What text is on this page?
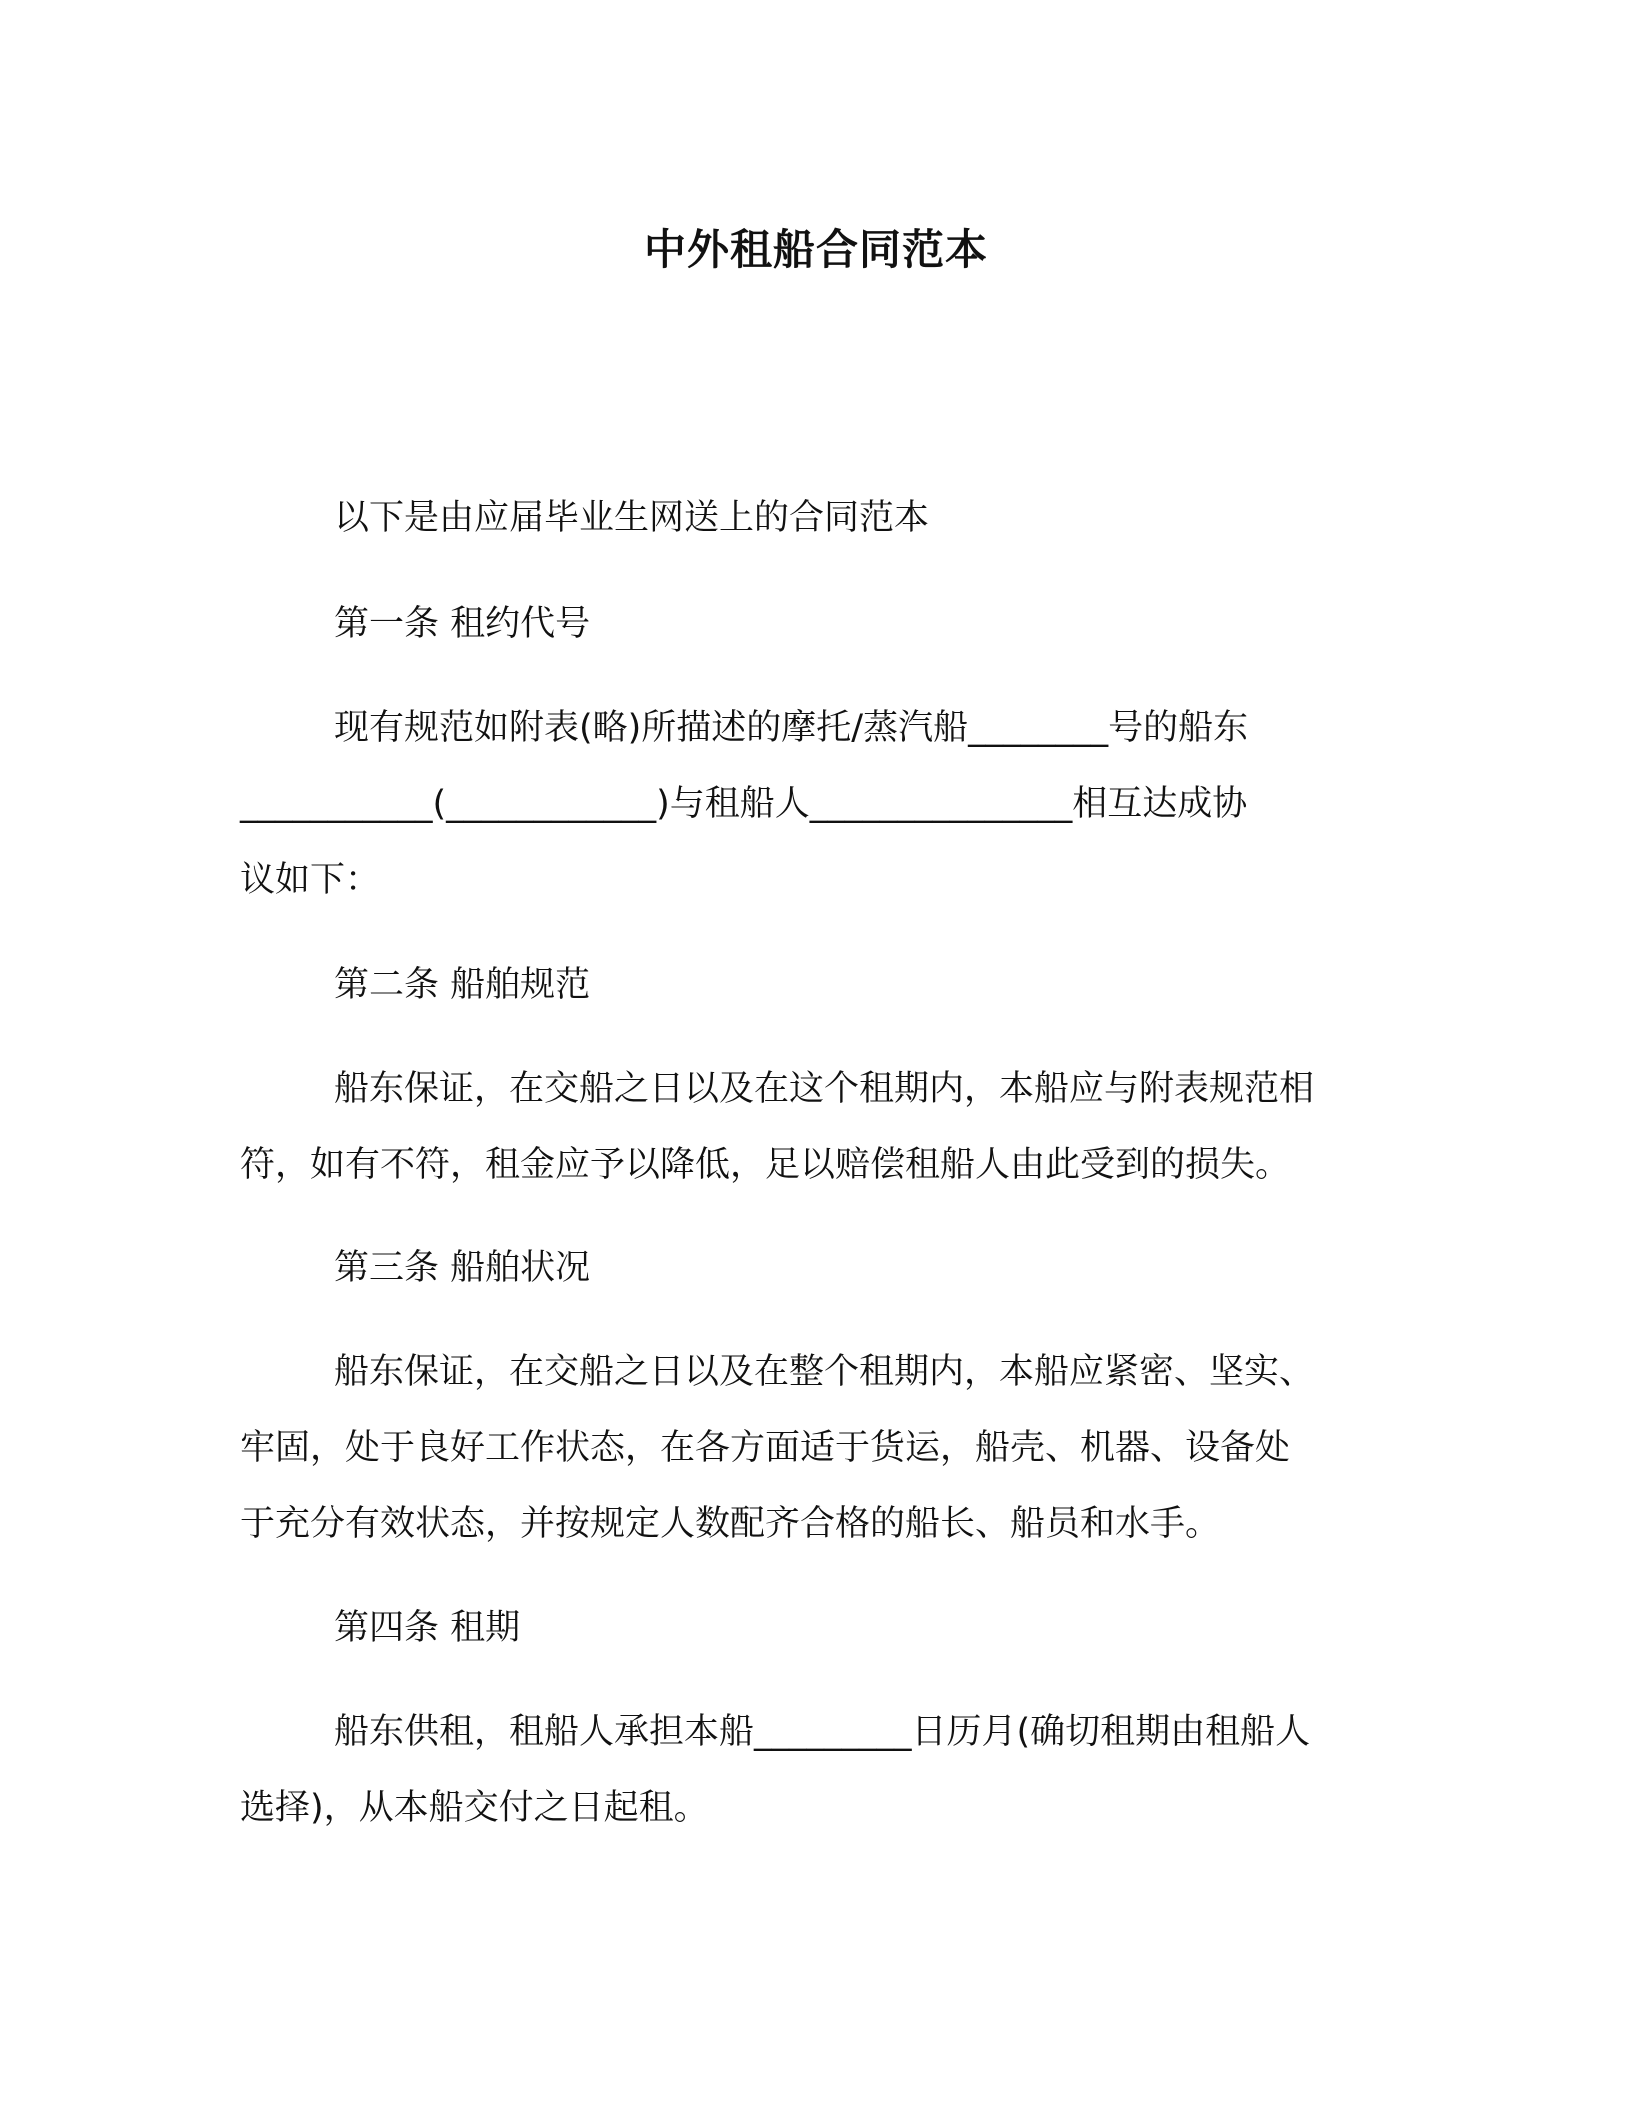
中外租船合同范本

以下是由应届毕业生网送上的合同范本

第一条 租约代号

现有规范如附表(略)所描述的摩托/蒸汽船________号的船东
___________(____________)与租船人_______________相互达成协
议如下：

第二条 船舶规范

船东保证，在交船之日以及在这个租期内，本船应与附表规范相
符，如有不符，租金应予以降低，足以赔偿租船人由此受到的损失。

第三条 船舶状况

船东保证，在交船之日以及在整个租期内，本船应紧密、坚实、
牢固，处于良好工作状态，在各方面适于货运，船壳、机器、设备处
于充分有效状态，并按规定人数配齐合格的船长、船员和水手。

第四条 租期

船东供租，租船人承担本船_________日历月(确切租期由租船人
选择)，从本船交付之日起租。
